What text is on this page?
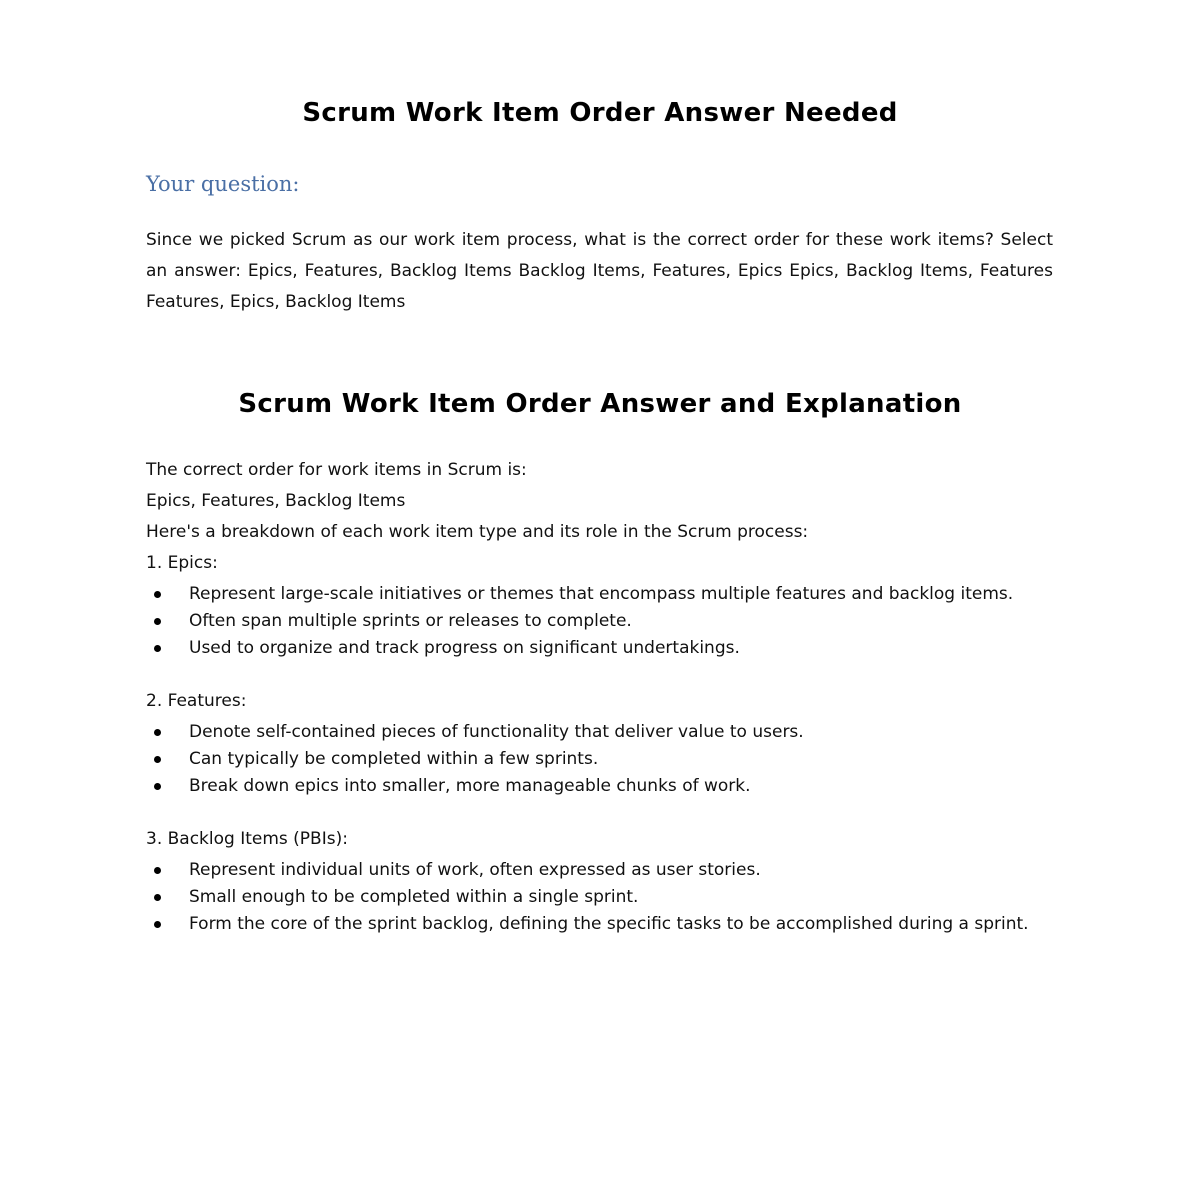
Scrum Work Item Order Answer Needed

Your question:

Since we picked Scrum as our work item process, what is the correct order for these work items? Select an answer: Epics, Features, Backlog Items Backlog Items, Features, Epics Epics, Backlog Items, Features Features, Epics, Backlog Items

Scrum Work Item Order Answer and Explanation

The correct order for work items in Scrum is:

Epics, Features, Backlog Items

Here's a breakdown of each work item type and its role in the Scrum process:

1. Epics:

Represent large-scale initiatives or themes that encompass multiple features and backlog items.
Often span multiple sprints or releases to complete.
Used to organize and track progress on significant undertakings.

2. Features:

Denote self-contained pieces of functionality that deliver value to users.
Can typically be completed within a few sprints.
Break down epics into smaller, more manageable chunks of work.

3. Backlog Items (PBIs):

Represent individual units of work, often expressed as user stories.
Small enough to be completed within a single sprint.
Form the core of the sprint backlog, defining the specific tasks to be accomplished during a sprint.
